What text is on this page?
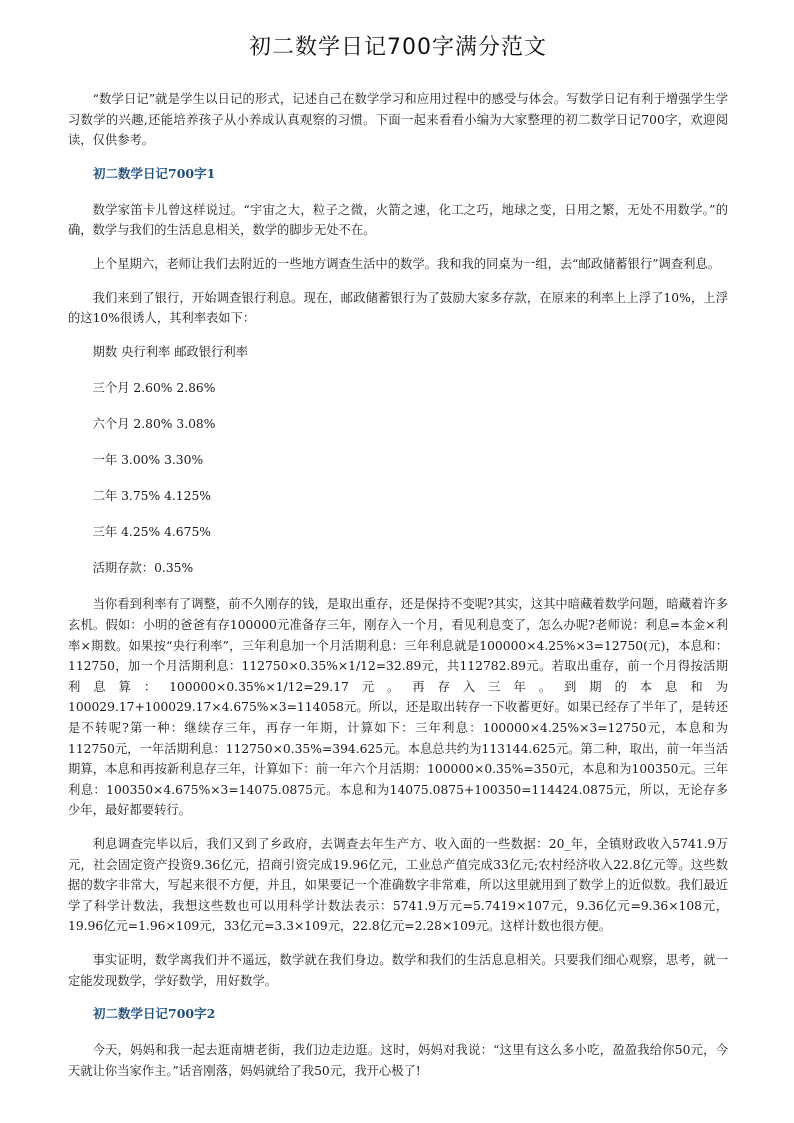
初二数学日记700字满分范文

“数学日记”就是学生以日记的形式，记述自己在数学学习和应用过程中的感受与体会。写数学日记有利于增强学生学习数学的兴趣,还能培养孩子从小养成认真观察的习惯。下面一起来看看小编为大家整理的初二数学日记700字，欢迎阅读，仅供参考。

初二数学日记700字1

数学家笛卡儿曾这样说过。“宇宙之大，粒子之微，火箭之速，化工之巧，地球之变，日用之繁，无处不用数学。”的确，数学与我们的生活息息相关，数学的脚步无处不在。

上个星期六，老师让我们去附近的一些地方调查生活中的数学。我和我的同桌为一组，去“邮政储蓄银行”调查利息。

我们来到了银行，开始调查银行利息。现在，邮政储蓄银行为了鼓励大家多存款，在原来的利率上上浮了10%，上浮的这10%很诱人，其利率表如下：

期数 央行利率 邮政银行利率

三个月 2.60% 2.86%

六个月 2.80% 3.08%

一年 3.00% 3.30%

二年 3.75% 4.125%

三年 4.25% 4.675%

活期存款：0.35%

当你看到利率有了调整，前不久刚存的钱，是取出重存，还是保持不变呢?其实，这其中暗藏着数学问题，暗藏着许多玄机。假如：小明的爸爸有存100000元准备存三年，刚存入一个月，看见利息变了，怎么办呢?老师说：利息=本金×利率×期数。如果按“央行利率”，三年利息加一个月活期利息：三年利息就是100000×4.25%×3=12750(元)，本息和：112750，加一个月活期利息：112750×0.35%×1/12=32.89元，共112782.89元。若取出重存，前一个月得按活期利息算：100000×0.35%×1/12=29.17元。再存入三年。到期的本息和为100029.17+100029.17×4.675%×3=114058元。所以，还是取出转存一下收蓄更好。如果已经存了半年了，是转还是不转呢?第一种：继续存三年，再存一年期，计算如下：三年利息：100000×4.25%×3=12750元，本息和为112750元，一年活期利息：112750×0.35%=394.625元。本息总共约为113144.625元。第二种，取出，前一年当活期算，本息和再按新利息存三年，计算如下：前一年六个月活期：100000×0.35%=350元，本息和为100350元。三年利息：100350×4.675%×3=14075.0875元。本息和为14075.0875+100350=114424.0875元，所以，无论存多少年，最好都要转行。

利息调查完毕以后，我们又到了乡政府，去调查去年生产方、收入面的一些数据：20_年，全镇财政收入5741.9万元，社会固定资产投资9.36亿元，招商引资完成19.96亿元，工业总产值完成33亿元;农村经济收入22.8亿元等。这些数据的数字非常大，写起来很不方便，并且，如果要记一个准确数字非常难，所以这里就用到了数学上的近似数。我们最近学了科学计数法，我想这些数也可以用科学计数法表示：5741.9万元=5.7419×107元，9.36亿元=9.36×108元，19.96亿元=1.96×109元，33亿元=3.3×109元，22.8亿元=2.28×109元。这样计数也很方便。

事实证明，数学离我们并不遥远，数学就在我们身边。数学和我们的生活息息相关。只要我们细心观察，思考，就一定能发现数学，学好数学，用好数学。

初二数学日记700字2

今天，妈妈和我一起去逛南塘老街，我们边走边逛。这时，妈妈对我说：“这里有这么多小吃，盈盈我给你50元，今天就让你当家作主。”话音刚落，妈妈就给了我50元，我开心极了!
